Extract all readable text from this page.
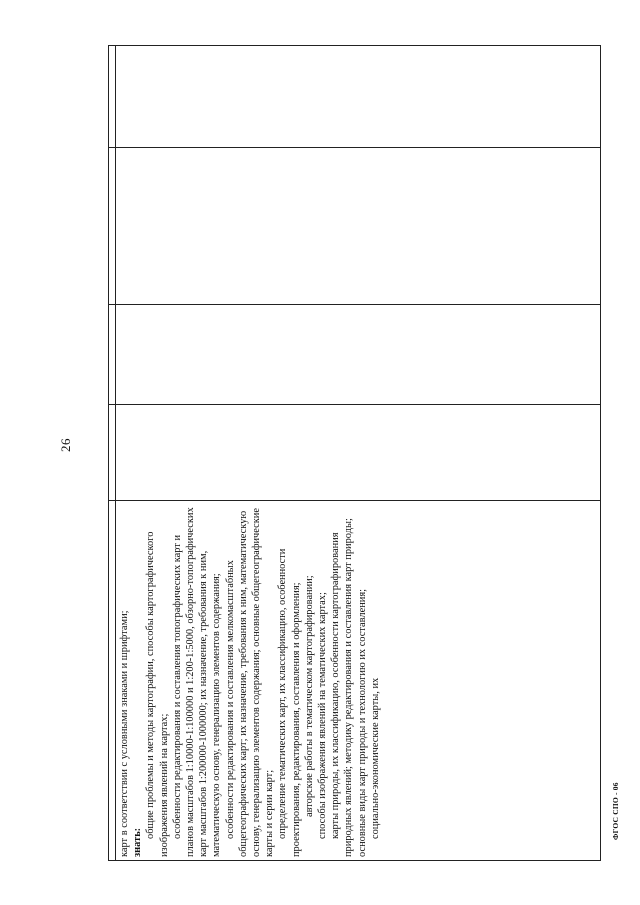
26

карт в соответствии с условными знаками и шрифтами; знать:

общие проблемы и методы картографии, способы картографического изображения явлений на картах; особенности редактирования и составления топографических карт и планов масштабов 1:10000-1:100000 и 1:200-1:5000, обзорно-топографических карт масштабов 1:200000-1000000; их назначение, требования к ним, математическую основу, генерализацию элементов содержания; особенности редактирования и составления мелкомасштабных общегеографических карт; их назначение, требования к ним, математическую основу, генерализацию элементов содержания; основные общегеографические карты и серии карт; определение тематических карт, их классификацию, особенности проектирования, редактирования, составления и оформления; авторские работы в тематическом картографировании; способы изображения явлений на тематических картах; карты природы, их классификацию, особенности картографирования природных явлений; методику редактирования и составления карт природы; основные виды карт природы и технологию их составления; социально-экономические карты, их	ФГОС СПО - 06
